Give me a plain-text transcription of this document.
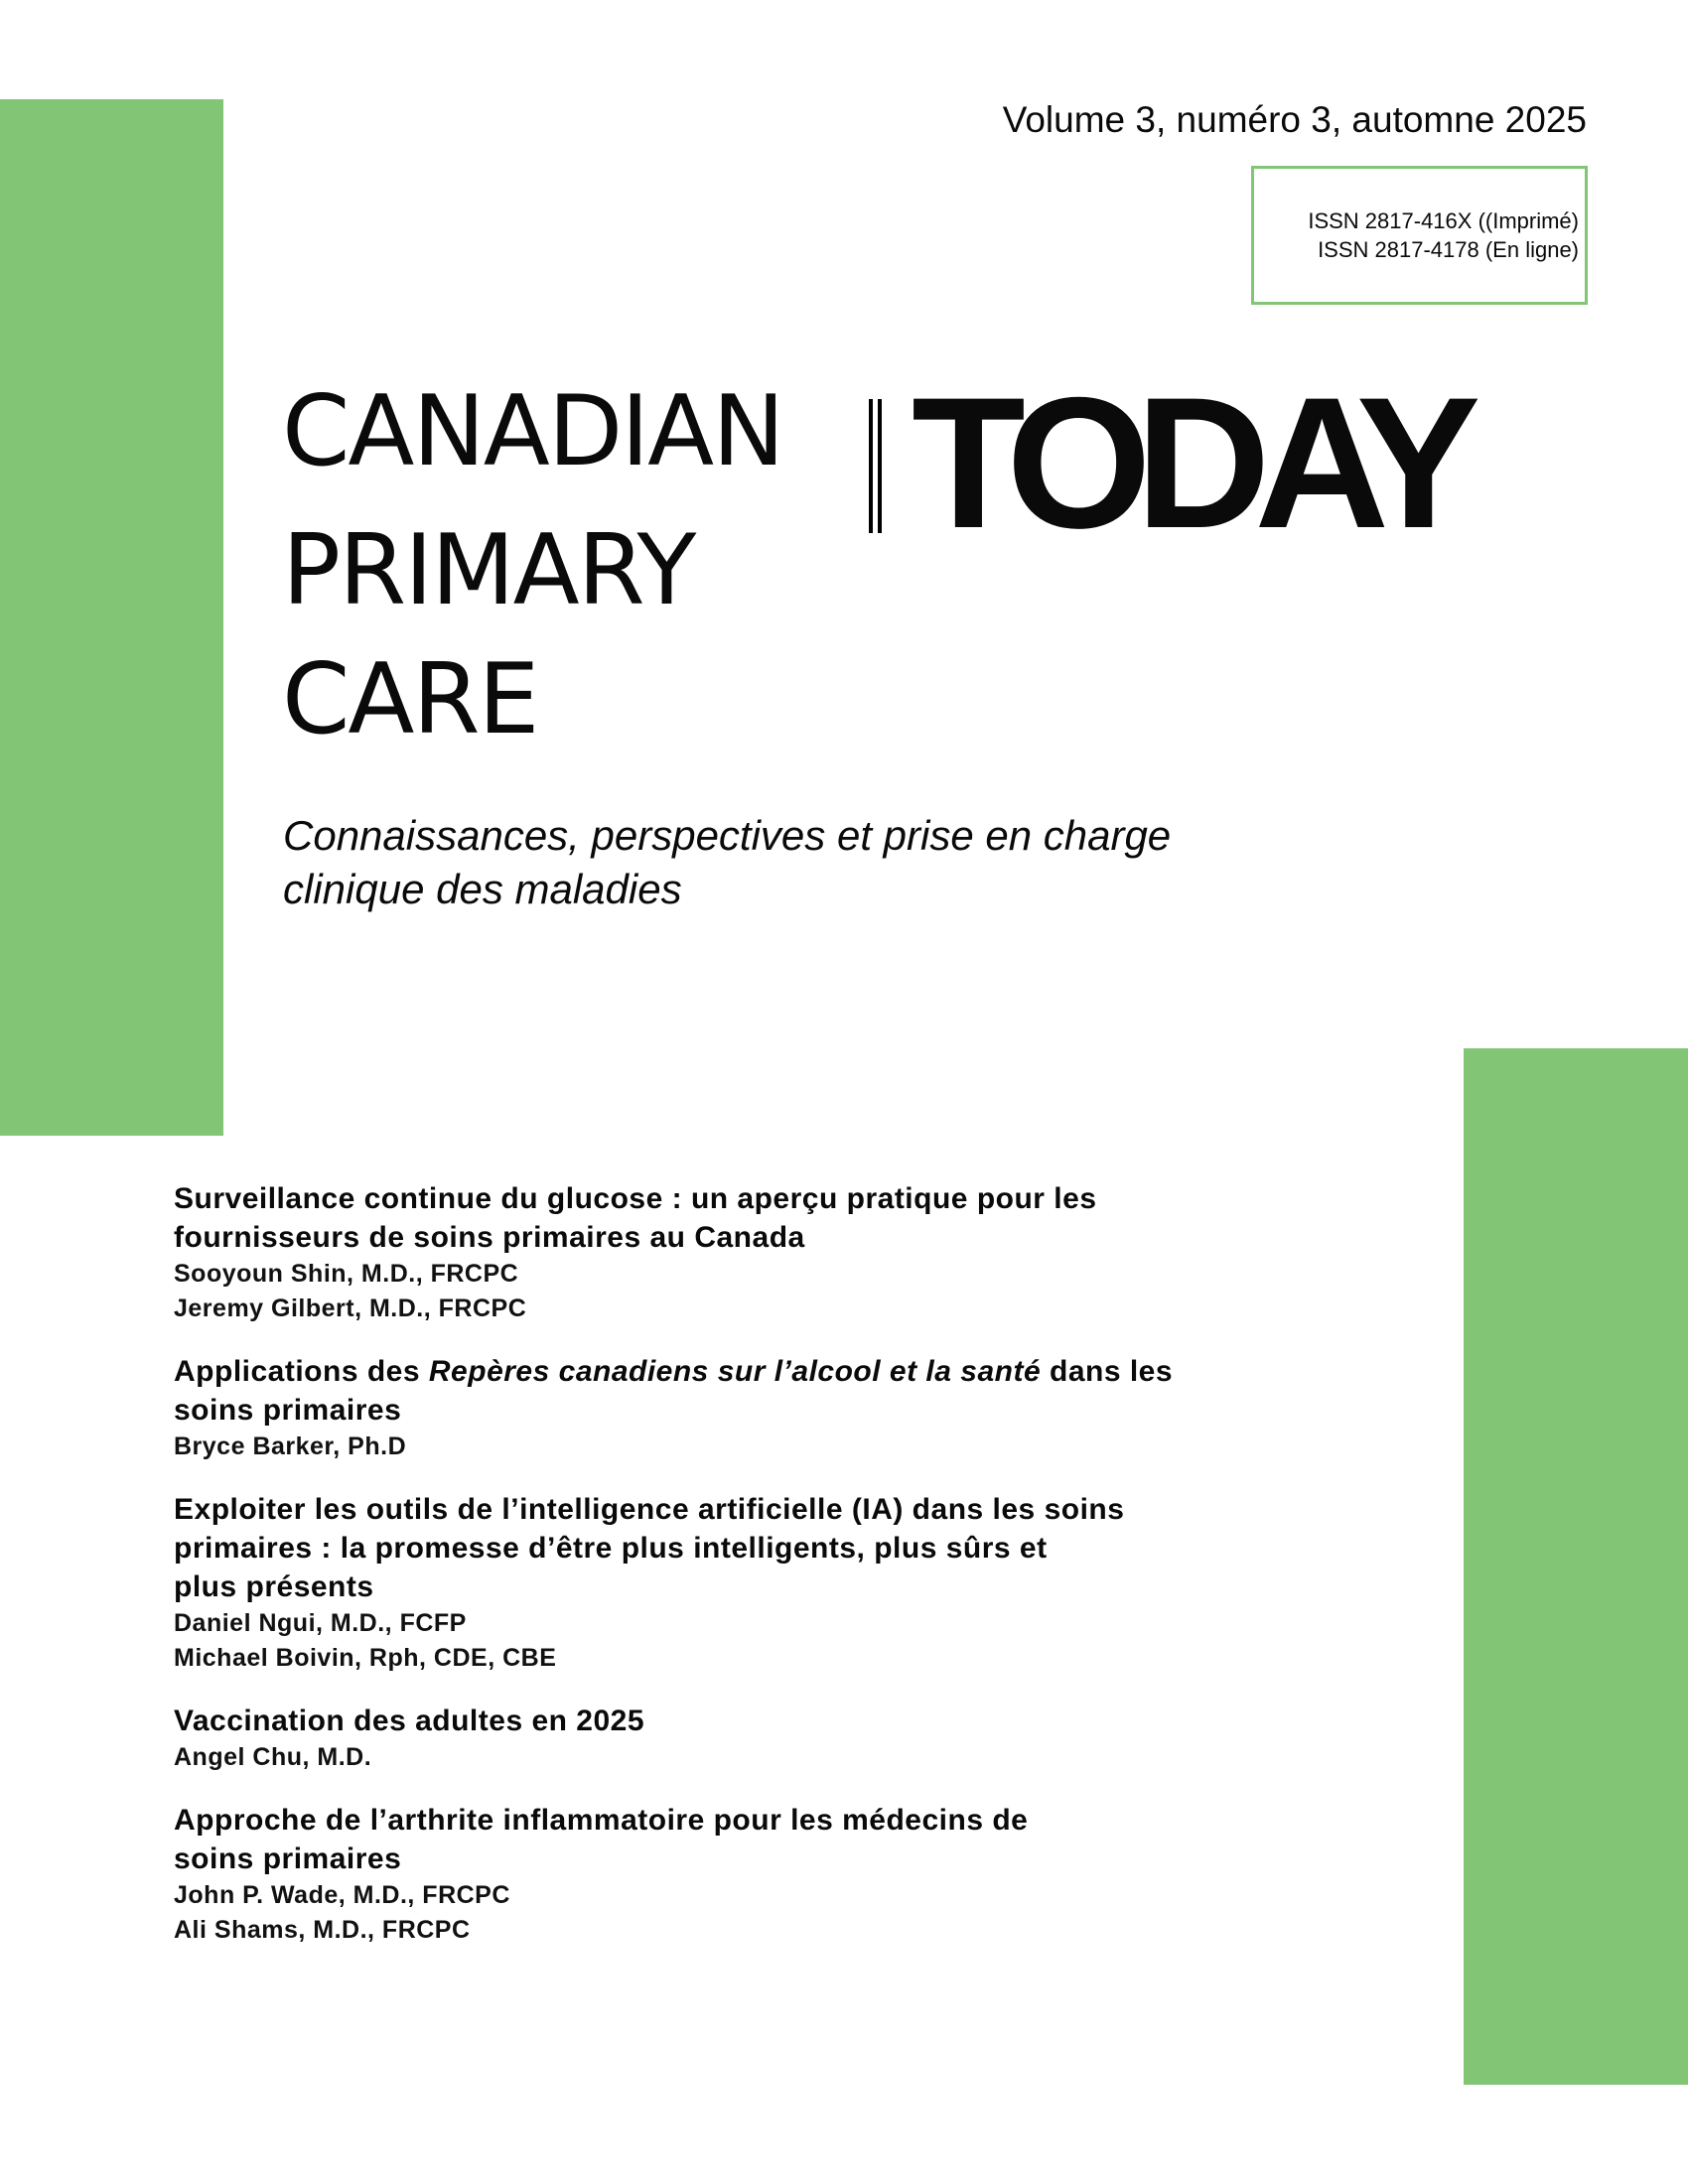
Volume 3, numéro 3, automne 2025
ISSN 2817-416X ((Imprimé)
ISSN 2817-4178 (En ligne)
CANADIAN
PRIMARY
CARE
TODAY
Connaissances, perspectives et prise en charge
clinique des maladies
Surveillance continue du glucose : un aperçu pratique pour les
fournisseurs de soins primaires au Canada
Sooyoun Shin, M.D., FRCPC
Jeremy Gilbert, M.D., FRCPC
Applications des Repères canadiens sur l’alcool et la santé dans les
soins primaires
Bryce Barker, Ph.D
Exploiter les outils de l’intelligence artificielle (IA) dans les soins
primaires : la promesse d’être plus intelligents, plus sûrs et
plus présents
Daniel Ngui, M.D., FCFP
Michael Boivin, Rph, CDE, CBE
Vaccination des adultes en 2025
Angel Chu, M.D.
Approche de l’arthrite inflammatoire pour les médecins de
soins primaires
John P. Wade, M.D., FRCPC
Ali Shams, M.D., FRCPC
